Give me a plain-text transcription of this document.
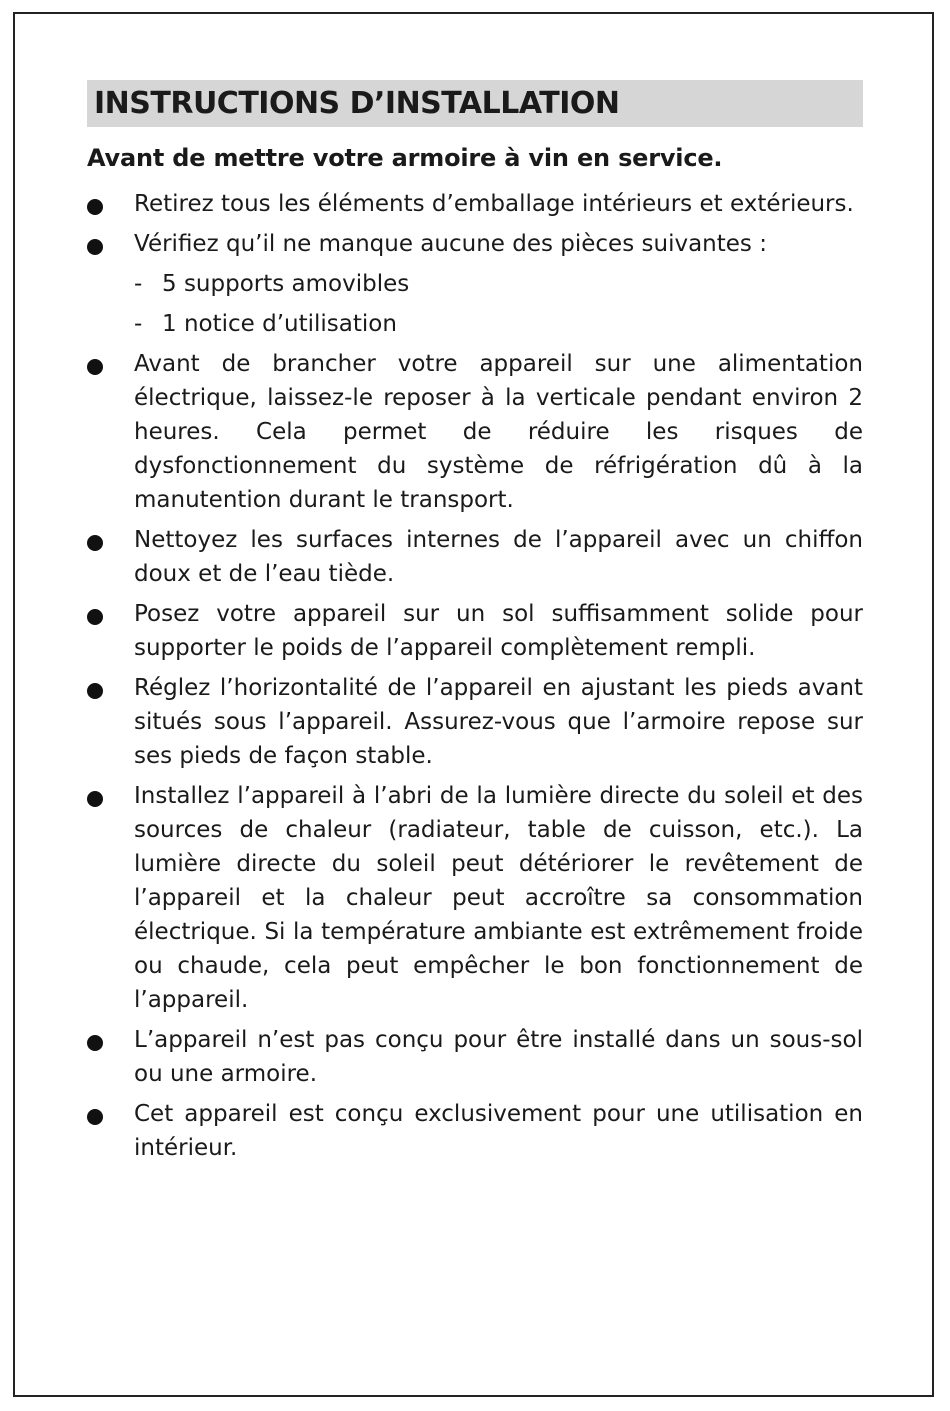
INSTRUCTIONS D’INSTALLATION
Avant de mettre votre armoire à vin en service.
Retirez tous les éléments d’emballage intérieurs et extérieurs.
Vérifiez qu’il ne manque aucune des pièces suivantes :
- 5 supports amovibles
- 1 notice d’utilisation
Avant de brancher votre appareil sur une alimentation électrique, laissez-le reposer à la verticale pendant environ 2 heures. Cela permet de réduire les risques de dysfonctionnement du système de réfrigération dû à la manutention durant le transport.
Nettoyez les surfaces internes de l’appareil avec un chiffon doux et de l’eau tiède.
Posez votre appareil sur un sol suffisamment solide pour supporter le poids de l’appareil complètement rempli.
Réglez l’horizontalité de l’appareil en ajustant les pieds avant situés sous l’appareil. Assurez-vous que l’armoire repose sur ses pieds de façon stable.
Installez l’appareil à l’abri de la lumière directe du soleil et des sources de chaleur (radiateur, table de cuisson, etc.). La lumière directe du soleil peut détériorer le revêtement de l’appareil et la chaleur peut accroître sa consommation électrique. Si la température ambiante est extrêmement froide ou chaude, cela peut empêcher le bon fonctionnement de l’appareil.
L’appareil n’est pas conçu pour être installé dans un sous-sol ou une armoire.
Cet appareil est conçu exclusivement pour une utilisation en intérieur.
